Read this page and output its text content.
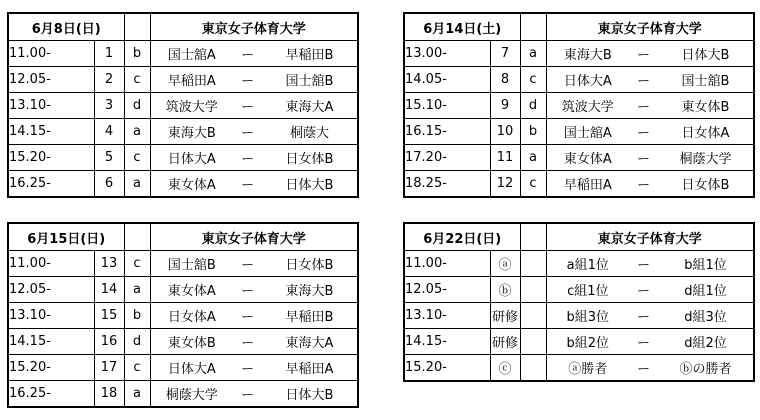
6月8日(日)			東京女子体育大学
11.00-	1	b	国士舘A ー 早稲田B

12.05-	2	c	早稲田A ー 国士舘B

13.10-	3	d	筑波大学 ー 東海大A

14.15-	4	a	東海大B ー 桐蔭大

15.20-	5	c	日体大A ー 日女体B

16.25-	6	a	東女体A ー 日体大B
6月14日(土)			東京女子体育大学
13.00-	7	a	東海大B ー 日体大B

14.05-	8	c	日体大A ー 国士舘B

15.10-	9	d	筑波大学 ー 東女体B

16.15-	10	b	国士舘A ー 日女体A

17.20-	11	a	東女体A ー 桐蔭大学

18.25-	12	c	早稲田A ー 日女体B
6月15日(日)			東京女子体育大学
11.00-	13	c	国士舘B ー 日女体B

12.05-	14	a	東女体A ー 東海大B

13.10-	15	b	日女体A ー 早稲田B

14.15-	16	d	東女体B ー 東海大A

15.20-	17	c	日体大A ー 早稲田A

16.25-	18	a	桐蔭大学 ー 日体大B
6月22日(日)			東京女子体育大学
11.00-	ⓐ		a組1位 ー b組1位

12.05-	ⓑ		c組1位 ー d組1位

13.10-	研修		b組3位 ー d組3位

14.15-	研修		b組2位 ー d組2位

15.20-	ⓒ		ⓐ勝者 ー ⓑの勝者
